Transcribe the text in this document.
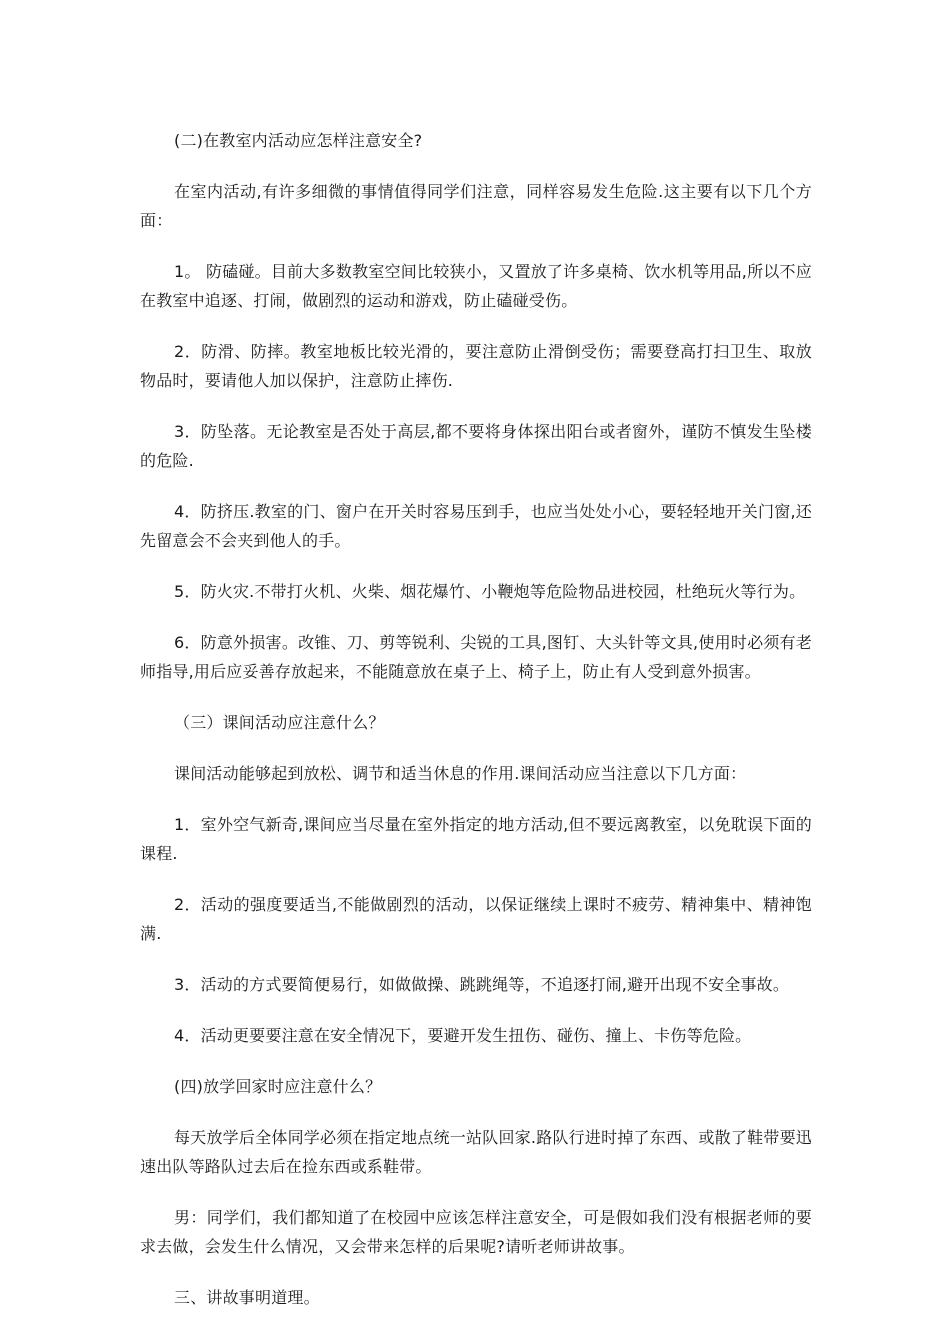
(二)在教室内活动应怎样注意安全?

在室内活动,有许多细微的事情值得同学们注意，同样容易发生危险.这主要有以下几个方面：

1。 防磕碰。目前大多数教室空间比较狭小，又置放了许多桌椅、饮水机等用品,所以不应在教室中追逐、打闹，做剧烈的运动和游戏，防止磕碰受伤。

2．防滑、防摔。教室地板比较光滑的，要注意防止滑倒受伤；需要登高打扫卫生、取放物品时，要请他人加以保护，注意防止摔伤.

3．防坠落。无论教室是否处于高层,都不要将身体探出阳台或者窗外，谨防不慎发生坠楼的危险.

4．防挤压.教室的门、窗户在开关时容易压到手，也应当处处小心，要轻轻地开关门窗,还先留意会不会夹到他人的手。

5．防火灾.不带打火机、火柴、烟花爆竹、小鞭炮等危险物品进校园，杜绝玩火等行为。

6．防意外损害。改锥、刀、剪等锐利、尖锐的工具,图钉、大头针等文具,使用时必须有老师指导,用后应妥善存放起来，不能随意放在桌子上、椅子上，防止有人受到意外损害。

（三）课间活动应注意什么？

课间活动能够起到放松、调节和适当休息的作用.课间活动应当注意以下几方面：

1．室外空气新奇,课间应当尽量在室外指定的地方活动,但不要远离教室，以免耽误下面的课程.

2．活动的强度要适当,不能做剧烈的活动，以保证继续上课时不疲劳、精神集中、精神饱满.

3．活动的方式要简便易行，如做做操、跳跳绳等，不追逐打闹,避开出现不安全事故。

4．活动更要要注意在安全情况下，要避开发生扭伤、碰伤、撞上、卡伤等危险。

(四)放学回家时应注意什么？

每天放学后全体同学必须在指定地点统一站队回家.路队行进时掉了东西、或散了鞋带要迅速出队等路队过去后在捡东西或系鞋带。

男：同学们，我们都知道了在校园中应该怎样注意安全，可是假如我们没有根据老师的要求去做，会发生什么情况，又会带来怎样的后果呢?请听老师讲故事。

三、讲故事明道理。
